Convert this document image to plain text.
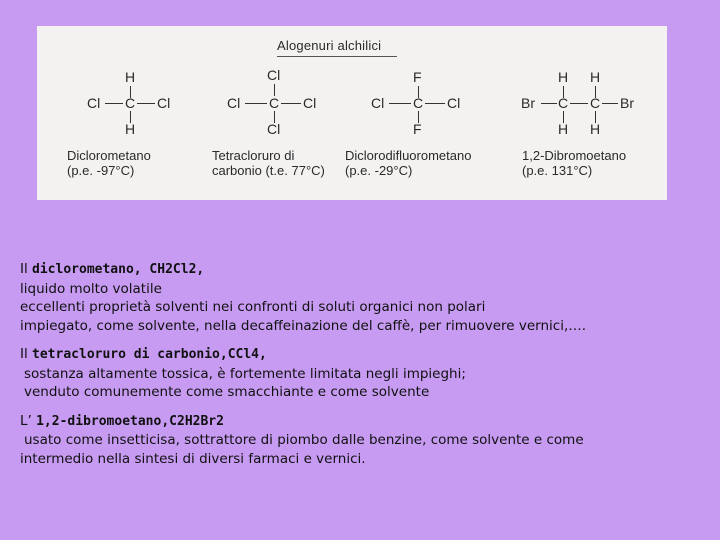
Alogenuri alchilici
H
Cl C Cl
H
Diclorometano
(p.e. -97°C)
Cl
Cl C Cl
Cl
Tetracloruro di
carbonio (t.e. 77°C)
F
Cl C Cl
F
Diclorodifluorometano
(p.e. -29°C)
H H
Br C C Br
H H
1,2-Dibromoetano
(p.e. 131°C)
Il diclorometano, CH2Cl2,
liquido molto volatile
eccellenti proprietà solventi nei confronti di soluti organici non polari
impiegato, come solvente, nella decaffeinazione del caffè, per rimuovere vernici,….
Il tetracloruro di carbonio,CCl4,
sostanza altamente tossica, è fortemente limitata negli impieghi;
venduto comunemente come smacchiante e come solvente
L’ 1,2-dibromoetano,C2H2Br2
usato come insetticisa, sottrattore di piombo dalle benzine, come solvente e come
intermedio nella sintesi di diversi farmaci e vernici.
